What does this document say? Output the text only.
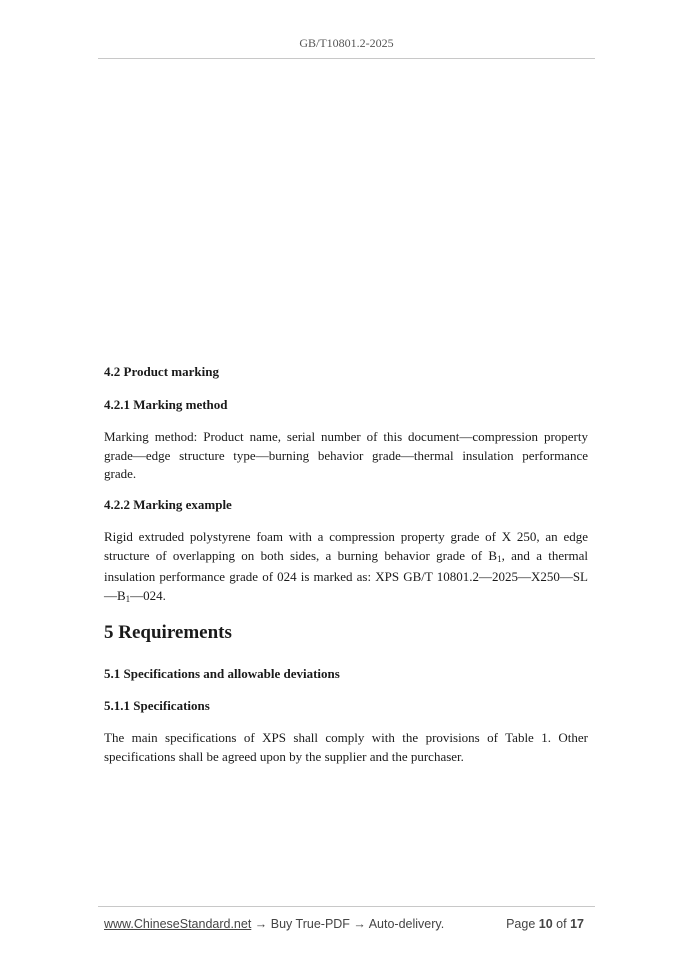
GB/T10801.2-2025
4.2 Product marking
4.2.1 Marking method

Marking method: Product name, serial number of this document—compression property grade—edge structure type—burning behavior grade—thermal insulation performance grade.

4.2.2 Marking example

Rigid extruded polystyrene foam with a compression property grade of X 250, an edge structure of overlapping on both sides, a burning behavior grade of $B_1$, and a thermal insulation performance grade of 024 is marked as: XPS GB/T $10801.2—2025—X250—SL—B_1—024$.

5 Requirements
5.1 Specifications and allowable deviations
5.1.1 Specifications

The main specifications of XPS shall comply with the provisions of Table 1. Other specifications shall be agreed upon by the supplier and the purchaser.

www.ChineseStandard.net → Buy True-PDF → Auto-delivery.	Page 10 of 17
